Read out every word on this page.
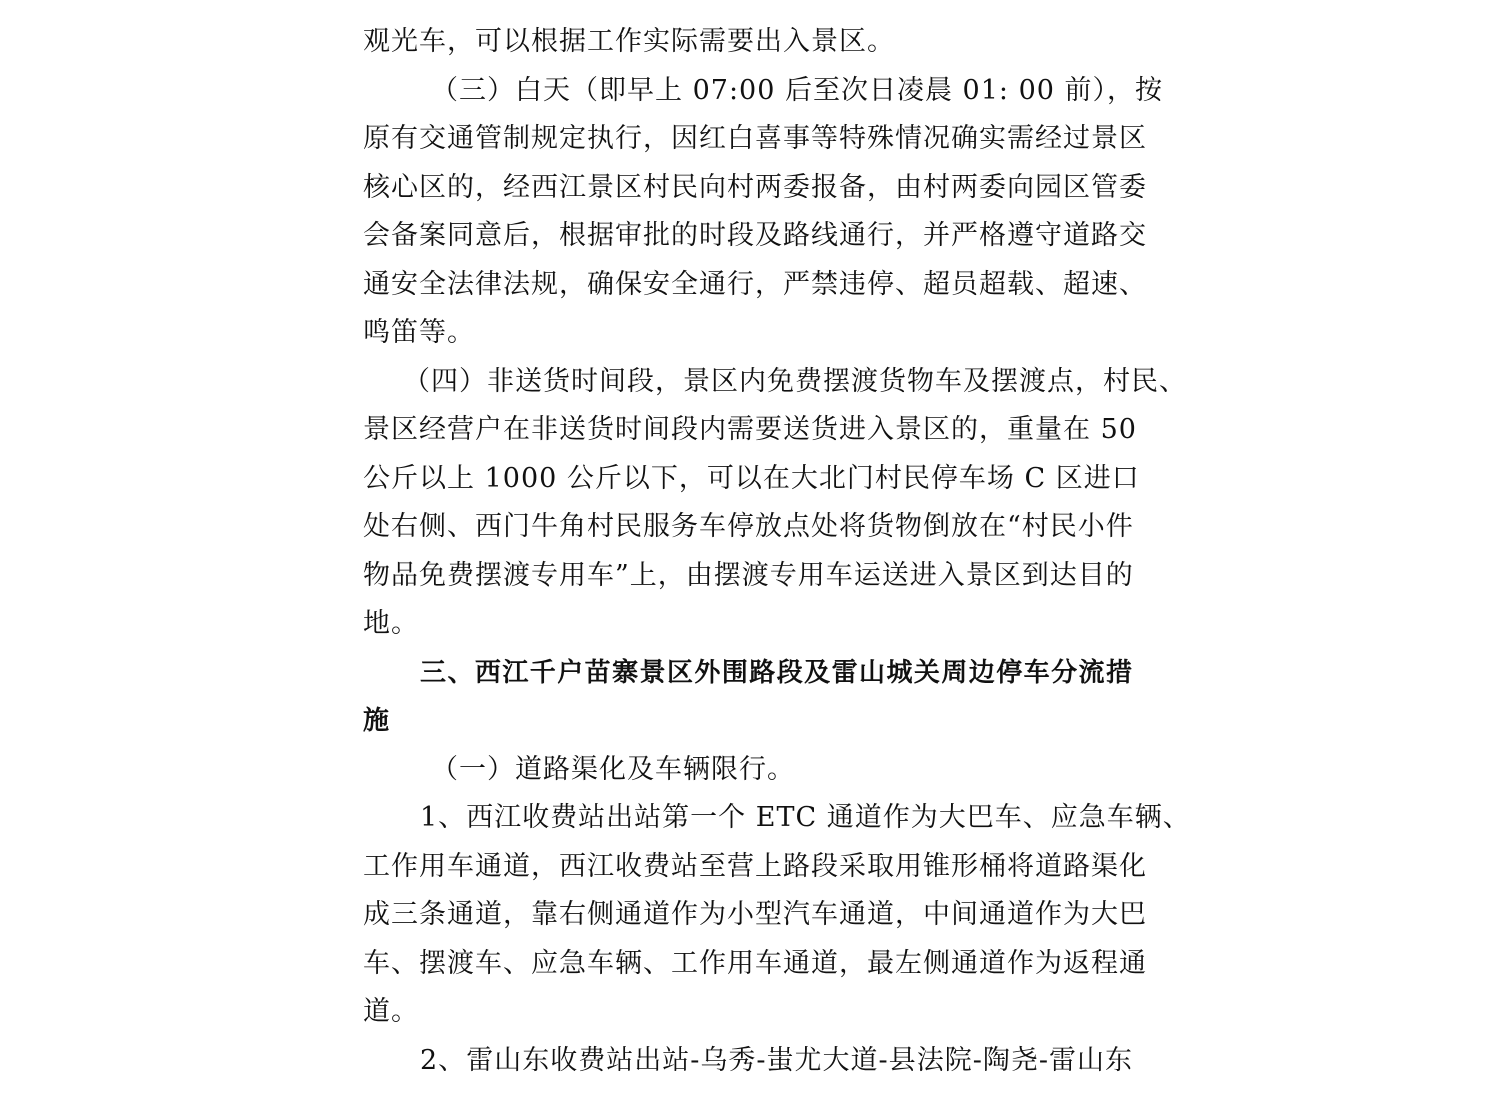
观光车，可以根据工作实际需要出入景区。
（三）白天（即早上 07:00 后至次日凌晨 01: 00 前），按
原有交通管制规定执行，因红白喜事等特殊情况确实需经过景区
核心区的，经西江景区村民向村两委报备，由村两委向园区管委
会备案同意后，根据审批的时段及路线通行，并严格遵守道路交
通安全法律法规，确保安全通行，严禁违停、超员超载、超速、
鸣笛等。
（四）非送货时间段，景区内免费摆渡货物车及摆渡点，村民、
景区经营户在非送货时间段内需要送货进入景区的，重量在 50
公斤以上 1000 公斤以下，可以在大北门村民停车场 C 区进口
处右侧、西门牛角村民服务车停放点处将货物倒放在“村民小件
物品免费摆渡专用车”上，由摆渡专用车运送进入景区到达目的
地。
三、西江千户苗寨景区外围路段及雷山城关周边停车分流措
施
（一）道路渠化及车辆限行。
1、西江收费站出站第一个 ETC 通道作为大巴车、应急车辆、
工作用车通道，西江收费站至营上路段采取用锥形桶将道路渠化
成三条通道，靠右侧通道作为小型汽车通道，中间通道作为大巴
车、摆渡车、应急车辆、工作用车通道，最左侧通道作为返程通
道。
2、雷山东收费站出站-乌秀-蚩尤大道-县法院-陶尧-雷山东
